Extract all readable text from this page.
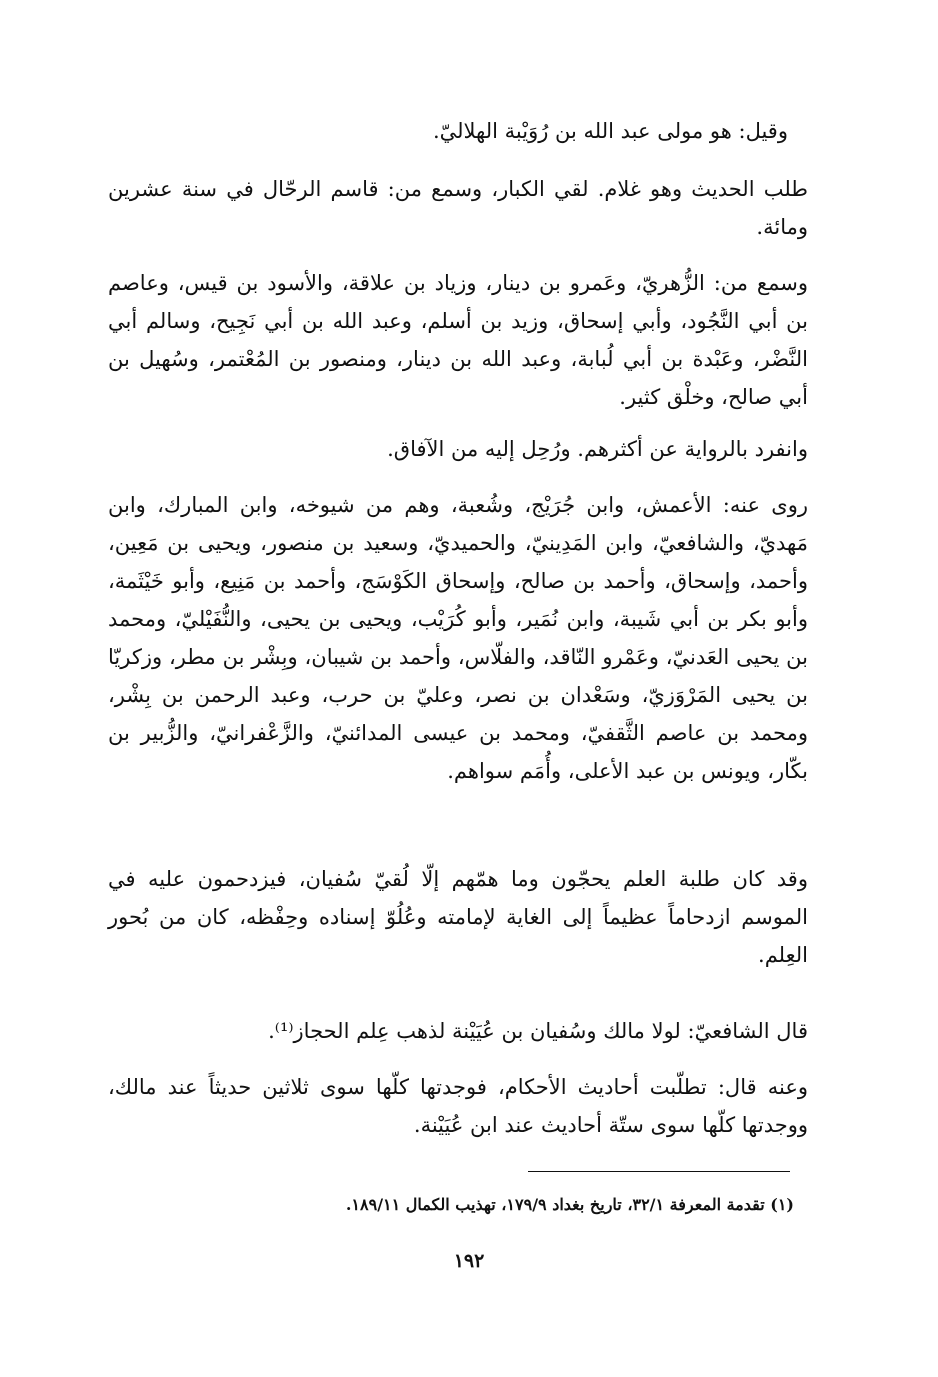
وقيل: هو مولى عبد الله بن رُوَيْبة الهلاليّ.

طلب الحديث وهو غلام. لقي الكبار، وسمع من: قاسم الرحّال في سنة عشرين ومائة.

وسمع من: الزُّهريّ، وعَمرو بن دينار، وزياد بن علاقة، والأسود بن قيس، وعاصم بن أبي النَّجُود، وأبي إسحاق، وزيد بن أسلم، وعبد الله بن أبي نَجِيح، وسالم أبي النَّضْر، وعَبْدة بن أبي لُبابة، وعبد الله بن دينار، ومنصور بن المُعْتمر، وسُهيل بن أبي صالح، وخلْق كثير.

وانفرد بالرواية عن أكثرهم. ورُحِل إليه من الآفاق.

روى عنه: الأعمش، وابن جُرَيْج، وشُعبة، وهم من شيوخه، وابن المبارك، وابن مَهديّ، والشافعيّ، وابن المَدِينيّ، والحميديّ، وسعيد بن منصور، ويحيى بن مَعِين، وأحمد، وإسحاق، وأحمد بن صالح، وإسحاق الكَوْسَج، وأحمد بن مَنِيع، وأبو خَيْثَمة، وأبو بكر بن أبي شَيبة، وابن نُمَير، وأبو كُرَيْب، ويحيى بن يحيى، والنُّفَيْليّ، ومحمد بن يحيى العَدنيّ، وعَمْرو النّاقد، والفلّاس، وأحمد بن شيبان، وبِشْر بن مطر، وزكريّا بن يحيى المَرْوَزيّ، وسَعْدان بن نصر، وعليّ بن حرب، وعبد الرحمن بن بِشْر، ومحمد بن عاصم الثَّقفيّ، ومحمد بن عيسى المدائنيّ، والزَّعْفرانيّ، والزُّبير بن بكّار، ويونس بن عبد الأعلى، وأُمَم سواهم.

وقد كان طلبة العلم يحجّون وما همّهم إلّا لُقيّ سُفيان، فيزدحمون عليه في الموسم ازدحاماً عظيماً إلى الغاية لإمامته وعُلُوّ إسناده وحِفْظه، كان من بُحور العِلم.

قال الشافعيّ: لولا مالك وسُفيان بن عُيَيْنة لذهب عِلم الحجاز⁽¹⁾.

وعنه قال: تطلّبت أحاديث الأحكام، فوجدتها كلّها سوى ثلاثين حديثاً عند مالك، ووجدتها كلّها سوى ستّة أحاديث عند ابن عُيَيْنة.

(١) تقدمة المعرفة ٣٢/١، تاريخ بغداد ١٧٩/٩، تهذيب الكمال ١٨٩/١١.

١٩٢
